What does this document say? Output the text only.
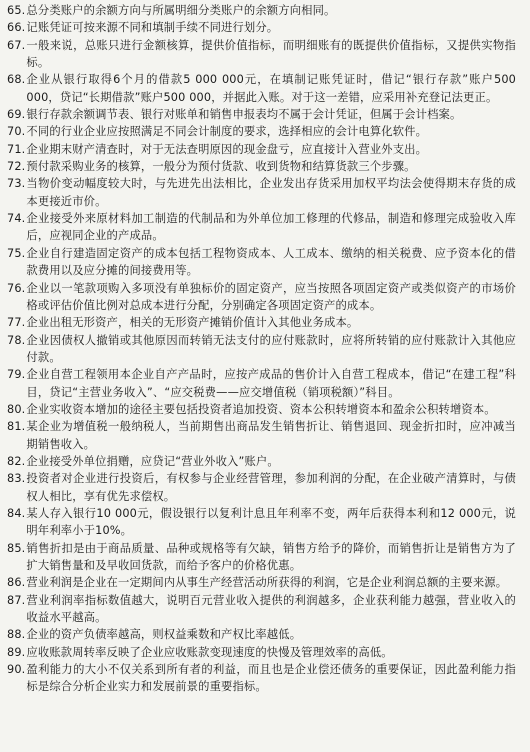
65. 总分类账户的余额方向与所属明细分类账户的余额方向相同。
66. 记账凭证可按来源不同和填制手续不同进行划分。
67. 一般来说，总账只进行金额核算，提供价值指标，而明细账有的既提供价值指标，又提供实物指标。
68. 企业从银行取得6个月的借款5 000 000元，在填制记账凭证时，借记“银行存款”账户500 000，贷记“长期借款”账户500 000，并据此入账。对于这一差错，应采用补充登记法更正。
69. 银行存款余额调节表、银行对账单和销售申报表均不属于会计凭证，但属于会计档案。
70. 不同的行业企业应按照满足不同会计制度的要求，选择相应的会计电算化软件。
71. 企业期末财产清查时，对于无法查明原因的现金盘亏，应直接计入营业外支出。
72. 预付款采购业务的核算，一般分为预付货款、收到货物和结算货款三个步骤。
73. 当物价变动幅度较大时，与先进先出法相比，企业发出存货采用加权平均法会使得期末存货的成本更接近市价。
74. 企业接受外来原材料加工制造的代制品和为外单位加工修理的代修品，制造和修理完成验收入库后，应视同企业的产成品。
75. 企业自行建造固定资产的成本包括工程物资成本、人工成本、缴纳的相关税费、应予资本化的借款费用以及应分摊的间接费用等。
76. 企业以一笔款项购入多项没有单独标价的固定资产，应当按照各项固定资产或类似资产的市场价格或评估价值比例对总成本进行分配，分别确定各项固定资产的成本。
77. 企业出租无形资产，相关的无形资产摊销价值计入其他业务成本。
78. 企业因债权人撤销或其他原因而转销无法支付的应付账款时，应将所转销的应付账款计入其他应付款。
79. 企业自营工程领用本企业自产产品时，应按产成品的售价计入自营工程成本，借记“在建工程”科目，贷记“主营业务收入”、“应交税费——应交增值税（销项税额）”科目。
80. 企业实收资本增加的途径主要包括投资者追加投资、资本公积转增资本和盈余公积转增资本。
81. 某企业为增值税一般纳税人，当前期售出商品发生销售折让、销售退回、现金折扣时，应冲减当期销售收入。
82. 企业接受外单位捐赠，应贷记“营业外收入”账户。
83. 投资者对企业进行投资后，有权参与企业经营管理，参加利润的分配，在企业破产清算时，与债权人相比，享有优先求偿权。
84. 某人存入银行10 000元，假设银行以复利计息且年利率不变，两年后获得本利和12 000元，说明年利率小于10%。
85. 销售折扣是由于商品质量、品种或规格等有欠缺，销售方给予的降价，而销售折让是销售方为了扩大销售量和及早收回货款，而给予客户的价格优惠。
86. 营业利润是企业在一定期间内从事生产经营活动所获得的利润，它是企业利润总额的主要来源。
87. 营业利润率指标数值越大，说明百元营业收入提供的利润越多，企业获利能力越强，营业收入的收益水平越高。
88. 企业的资产负债率越高，则权益乘数和产权比率越低。
89. 应收账款周转率反映了企业应收账款变现速度的快慢及管理效率的高低。
90. 盈利能力的大小不仅关系到所有者的利益，而且也是企业偿还债务的重要保证，因此盈利能力指标是综合分析企业实力和发展前景的重要指标。
